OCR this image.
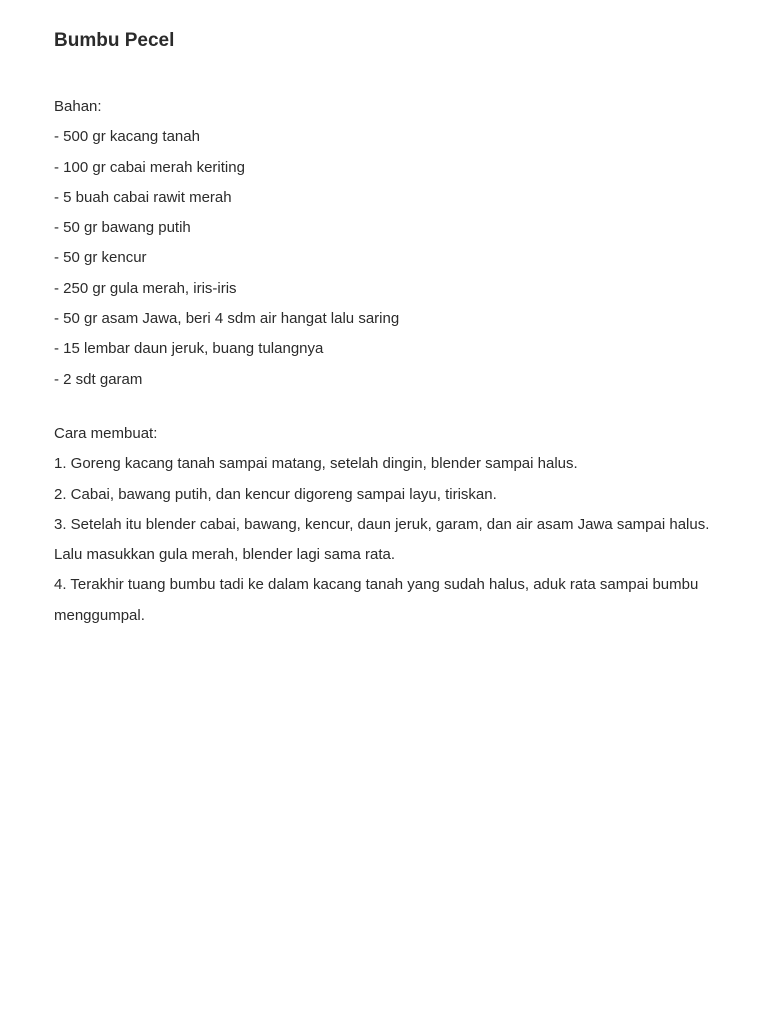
Bumbu Pecel
Bahan:
- 500 gr kacang tanah
- 100 gr cabai merah keriting
- 5 buah cabai rawit merah
- 50 gr bawang putih
- 50 gr kencur
- 250 gr gula merah, iris-iris
- 50 gr asam Jawa, beri 4 sdm air hangat lalu saring
- 15 lembar daun jeruk, buang tulangnya
- 2 sdt garam
Cara membuat:
1. Goreng kacang tanah sampai matang, setelah dingin, blender sampai halus.
2. Cabai, bawang putih, dan kencur digoreng sampai layu, tiriskan.
3. Setelah itu blender cabai, bawang, kencur, daun jeruk, garam, dan air asam Jawa sampai halus. Lalu masukkan gula merah, blender lagi sama rata.
4. Terakhir tuang bumbu tadi ke dalam kacang tanah yang sudah halus, aduk rata sampai bumbu menggumpal.
